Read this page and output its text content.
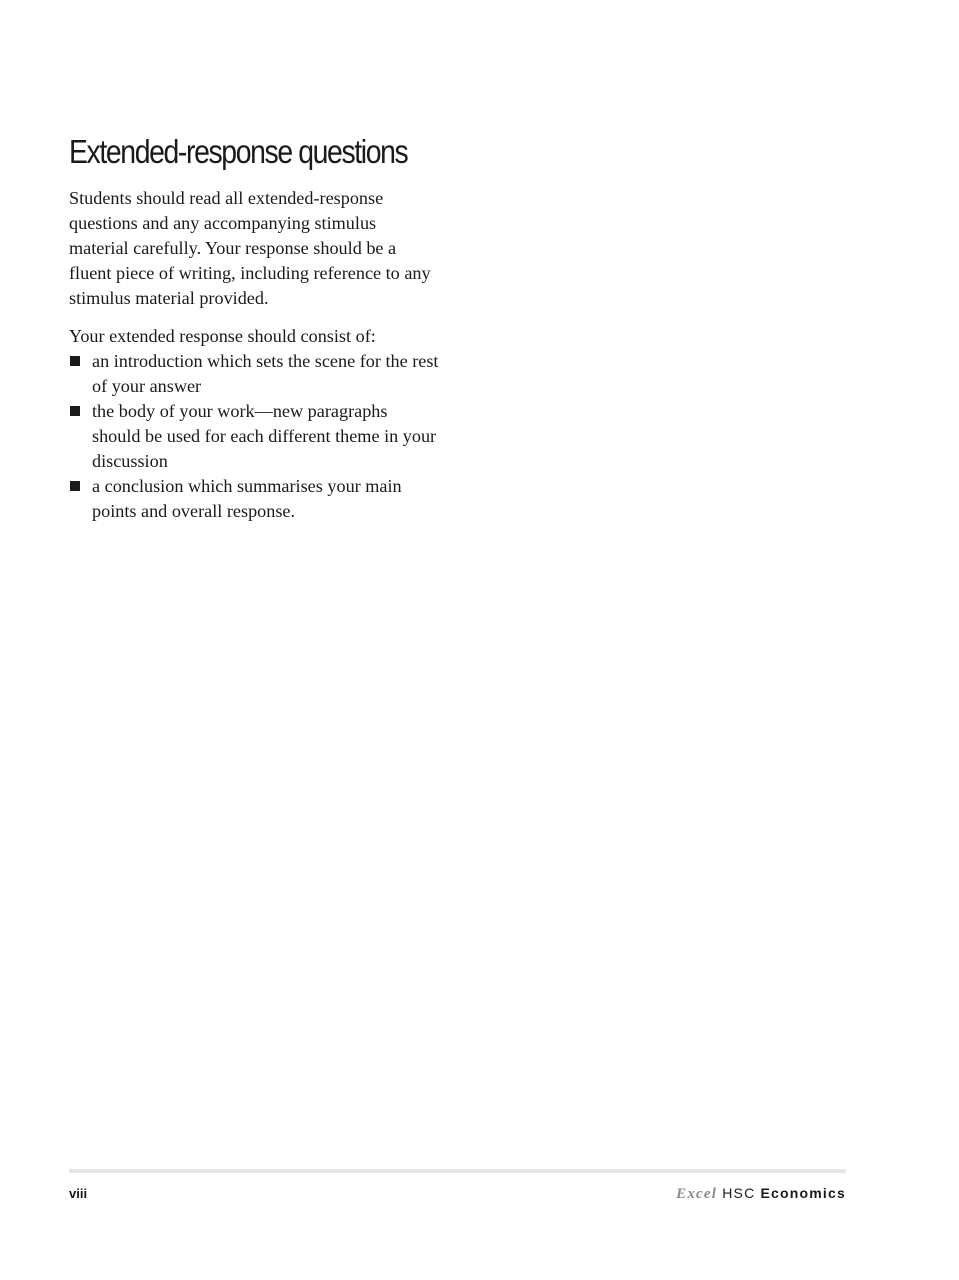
Extended-response questions

Students should read all extended-response questions and any accompanying stimulus material carefully. Your response should be a fluent piece of writing, including reference to any stimulus material provided.

Your extended response should consist of:

an introduction which sets the scene for the rest of your answer
the body of your work—new paragraphs should be used for each different theme in your discussion
a conclusion which summarises your main points and overall response.
viii	Excel HSC Economics
